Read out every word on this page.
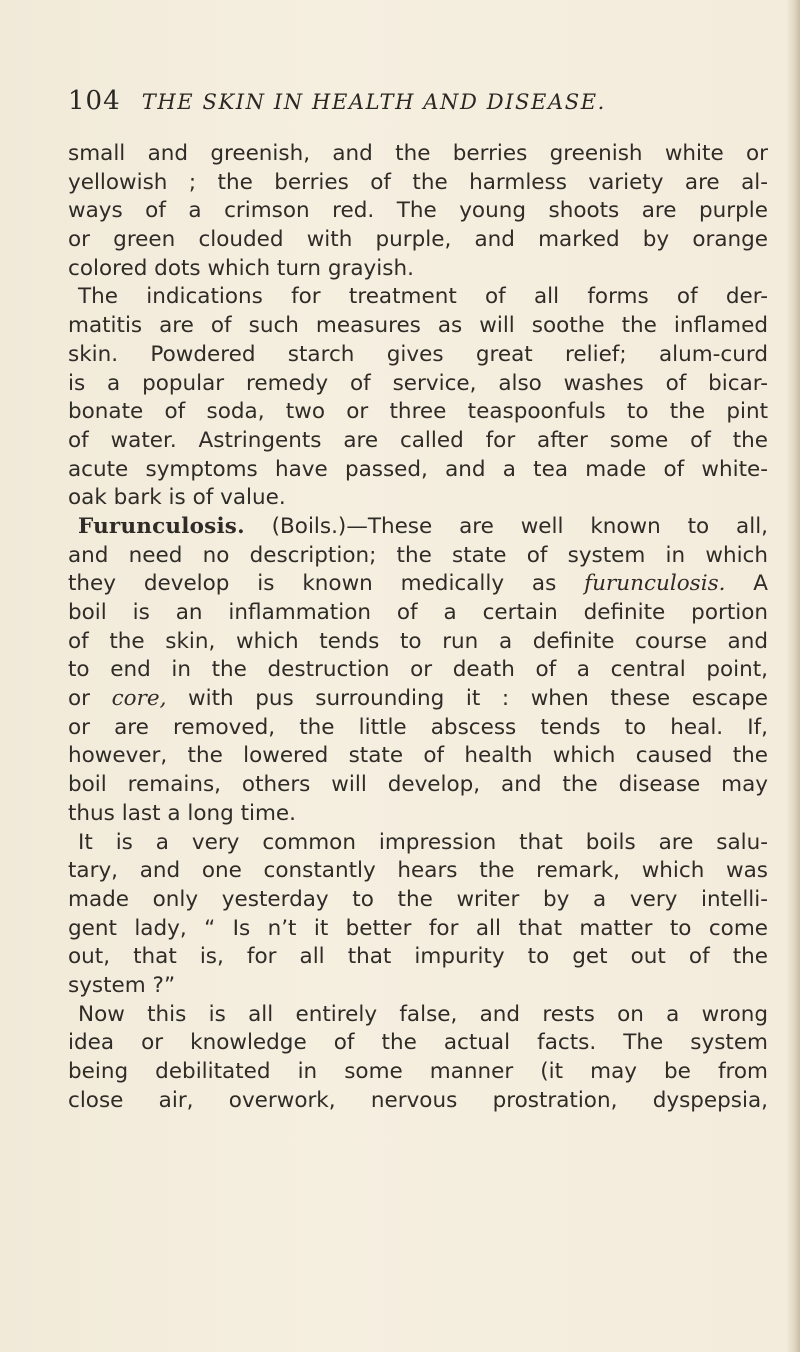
104 THE SKIN IN HEALTH AND DISEASE.
small and greenish, and the berries greenish white or
yellowish ; the berries of the harmless variety are al-
ways of a crimson red. The young shoots are purple
or green clouded with purple, and marked by orange
colored dots which turn grayish.
The indications for treatment of all forms of der-
matitis are of such measures as will soothe the inflamed
skin. Powdered starch gives great relief; alum-curd
is a popular remedy of service, also washes of bicar-
bonate of soda, two or three teaspoonfuls to the pint
of water. Astringents are called for after some of the
acute symptoms have passed, and a tea made of white-
oak bark is of value.
Furunculosis. (Boils.)—These are well known to all,
and need no description; the state of system in which
they develop is known medically as furunculosis. A
boil is an inflammation of a certain definite portion
of the skin, which tends to run a definite course and
to end in the destruction or death of a central point,
or core, with pus surrounding it : when these escape
or are removed, the little abscess tends to heal. If,
however, the lowered state of health which caused the
boil remains, others will develop, and the disease may
thus last a long time.
It is a very common impression that boils are salu-
tary, and one constantly hears the remark, which was
made only yesterday to the writer by a very intelli-
gent lady, “ Is n’t it better for all that matter to come
out, that is, for all that impurity to get out of the
system ?”
Now this is all entirely false, and rests on a wrong
idea or knowledge of the actual facts. The system
being debilitated in some manner (it may be from
close air, overwork, nervous prostration, dyspepsia,
